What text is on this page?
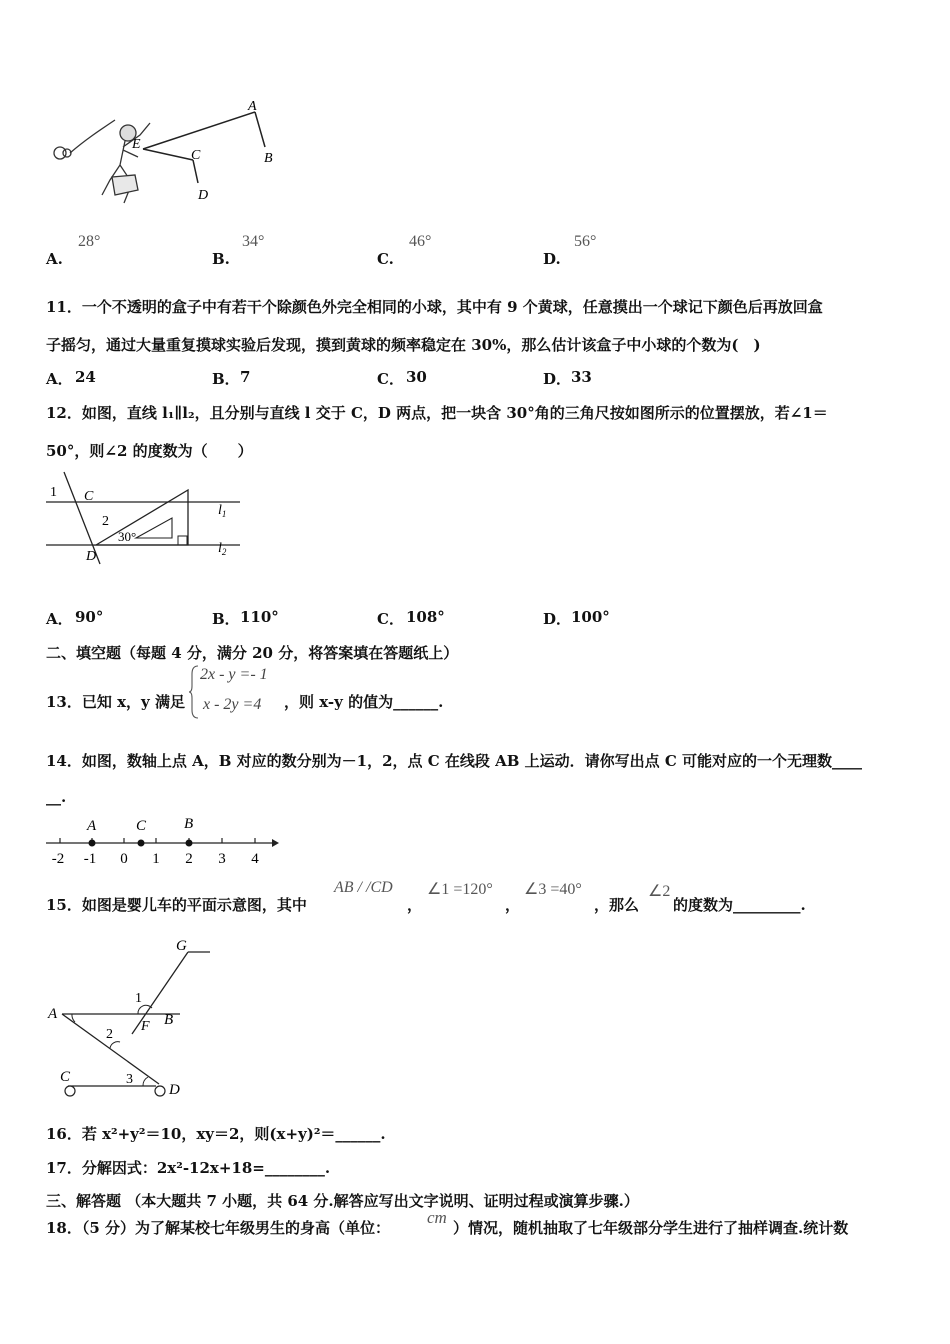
A
B
C
D
E
A.
28°
B.
34°
C.
46°
D.
56°
11．一个不透明的盒子中有若干个除颜色外完全相同的小球，其中有 9 个黄球，任意摸出一个球记下颜色后再放回盒
子摇匀，通过大量重复摸球实验后发现，摸到黄球的频率稳定在 30%，那么估计该盒子中小球的个数为(　)
A． 24	B． 7	C． 30	D． 33
12．如图，直线 l₁∥l₂，且分别与直线 l 交于 C，D 两点，把一块含 30°角的三角尺按如图所示的位置摆放，若∠1＝
50°，则∠2 的度数为（　　）
1 C
2
D
30°
$l_1$
$l_2$
A． 90°	B． 110°	C． 108°	D． 100°
二、填空题（每题 4 分，满分 20 分，将答案填在答题纸上）
13．已知 x，y 满足
2x - y =- 1
x - 2y =4 ，则 x-y 的值为______.
14．如图，数轴上点 A，B 对应的数分别为－1，2，点 C 在线段 AB 上运动．请你写出点 C 可能对应的一个无理数____
__.
A	C	B
-2 -1 0 1 2 3 4
15．如图是婴儿车的平面示意图，其中
AB / /CD
，
∠1 =120°
，
∠3 =40°
，那么
∠2
的度数为_________.
G
A
1
F B
2
C	3
D
16．若 x²+y²＝10，xy＝2，则(x+y)²＝______.
17．分解因式：2x²-12x+18=________.
三、解答题 （本大题共 7 小题，共 64 分.解答应写出文字说明、证明过程或演算步骤.）
18．（5 分）为了解某校七年级男生的身高（单位：
cm
）情况，随机抽取了七年级部分学生进行了抽样调查.统计数
